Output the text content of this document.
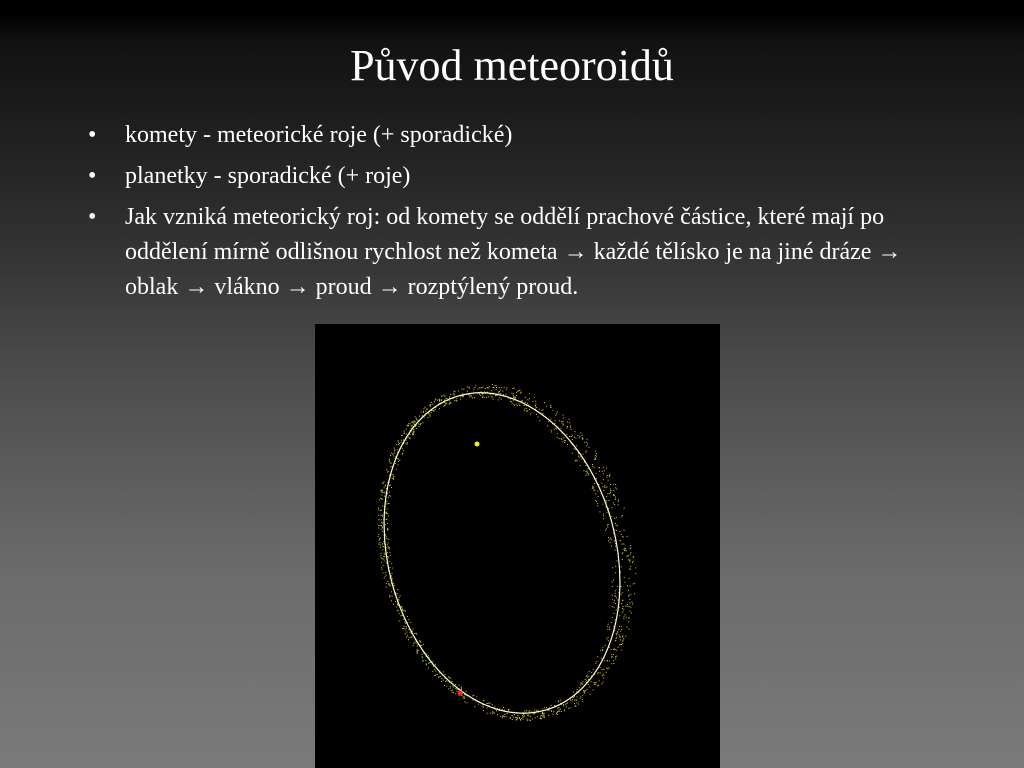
Původ meteoroidů
• komety - meteorické roje (+ sporadické)
• planetky - sporadické (+ roje)
• Jak vzniká meteorický roj: od komety se oddělí prachové částice, které mají po oddělení mírně odlišnou rychlost než kometa → každé tělísko je na jiné dráze → oblak → vlákno → proud → rozptýlený proud.
